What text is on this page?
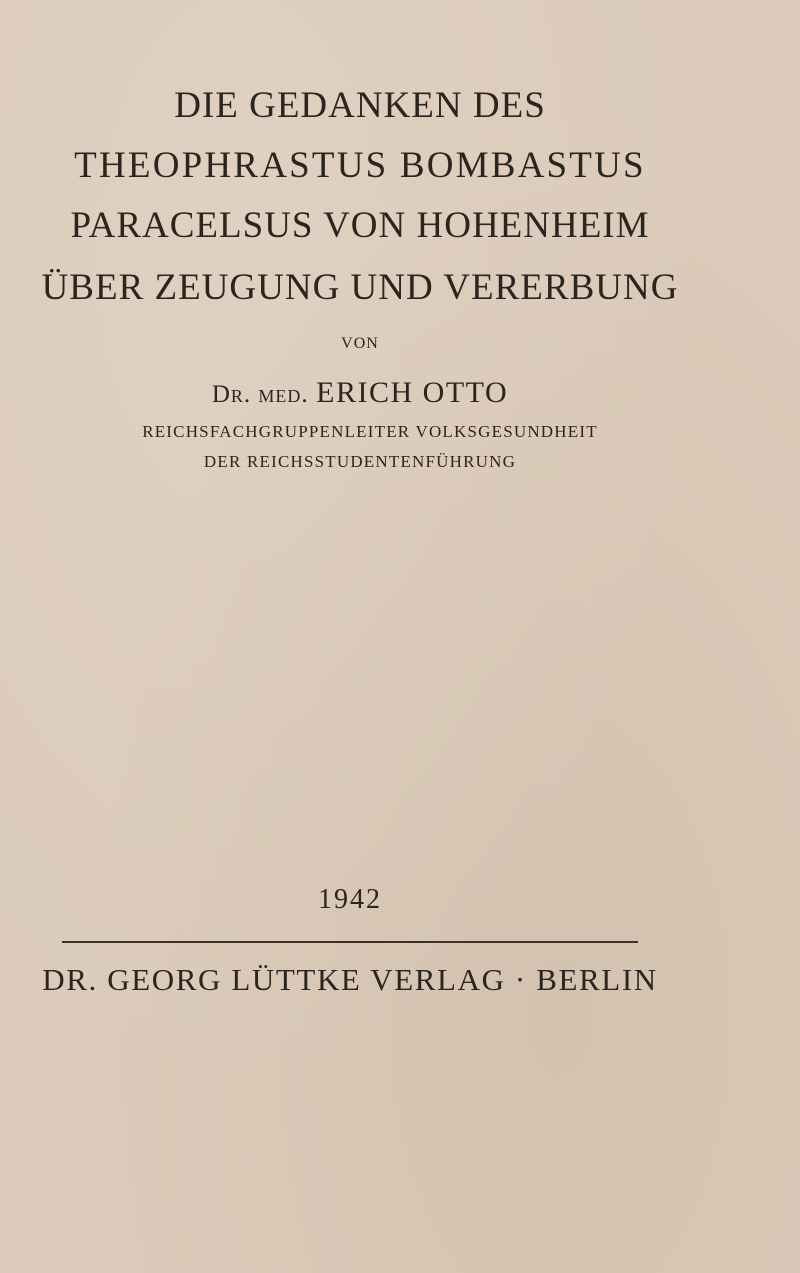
DIE GEDANKEN DES
THEOPHRASTUS BOMBASTUS
PARACELSUS VON HOHENHEIM
ÜBER ZEUGUNG UND VERERBUNG
VON
Dr. med. ERICH OTTO
REICHSFACHGRUPPENLEITER VOLKSGESUNDHEIT
DER REICHSSTUDENTENFÜHRUNG
1942
DR. GEORG LÜTTKE VERLAG · BERLIN
